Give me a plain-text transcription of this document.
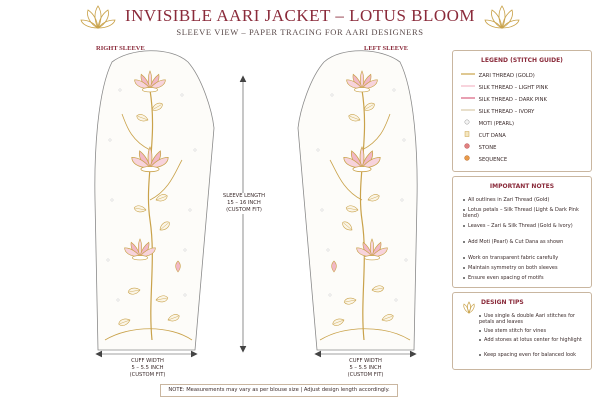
INVISIBLE AARI JACKET – LOTUS BLOOM
SLEEVE VIEW – PAPER TRACING FOR AARI DESIGNERS
RIGHT SLEEVE	LEFT SLEEVE
SLEEVE LENGTH
15 – 16 INCH
(CUSTOM FIT)
CUFF WIDTH
5 – 5.5 INCH
(CUSTOM FIT)
CUFF WIDTH
5 – 5.5 INCH
(CUSTOM FIT)
LEGEND (STITCH GUIDE)
ZARI THREAD (GOLD)
SILK THREAD – LIGHT PINK
SILK THREAD – DARK PINK
SILK THREAD – IVORY
MOTI (PEARL)
CUT DANA
STONE
SEQUENCE
IMPORTANT NOTES
All outlines in Zari Thread (Gold)
Lotus petals – Silk Thread (Light & Dark Pink blend)
Leaves – Zari & Silk Thread (Gold & Ivory)
Add Moti (Pearl) & Cut Dana as shown
Work on transparent fabric carefully
Maintain symmetry on both sleeves
Ensure even spacing of motifs
DESIGN TIPS
Use single & double Aari stitches for petals and leaves
Use stem stitch for vines
Add stones at lotus center for highlight
Keep spacing even for balanced look
NOTE: Measurements may vary as per blouse size | Adjust design length accordingly.
